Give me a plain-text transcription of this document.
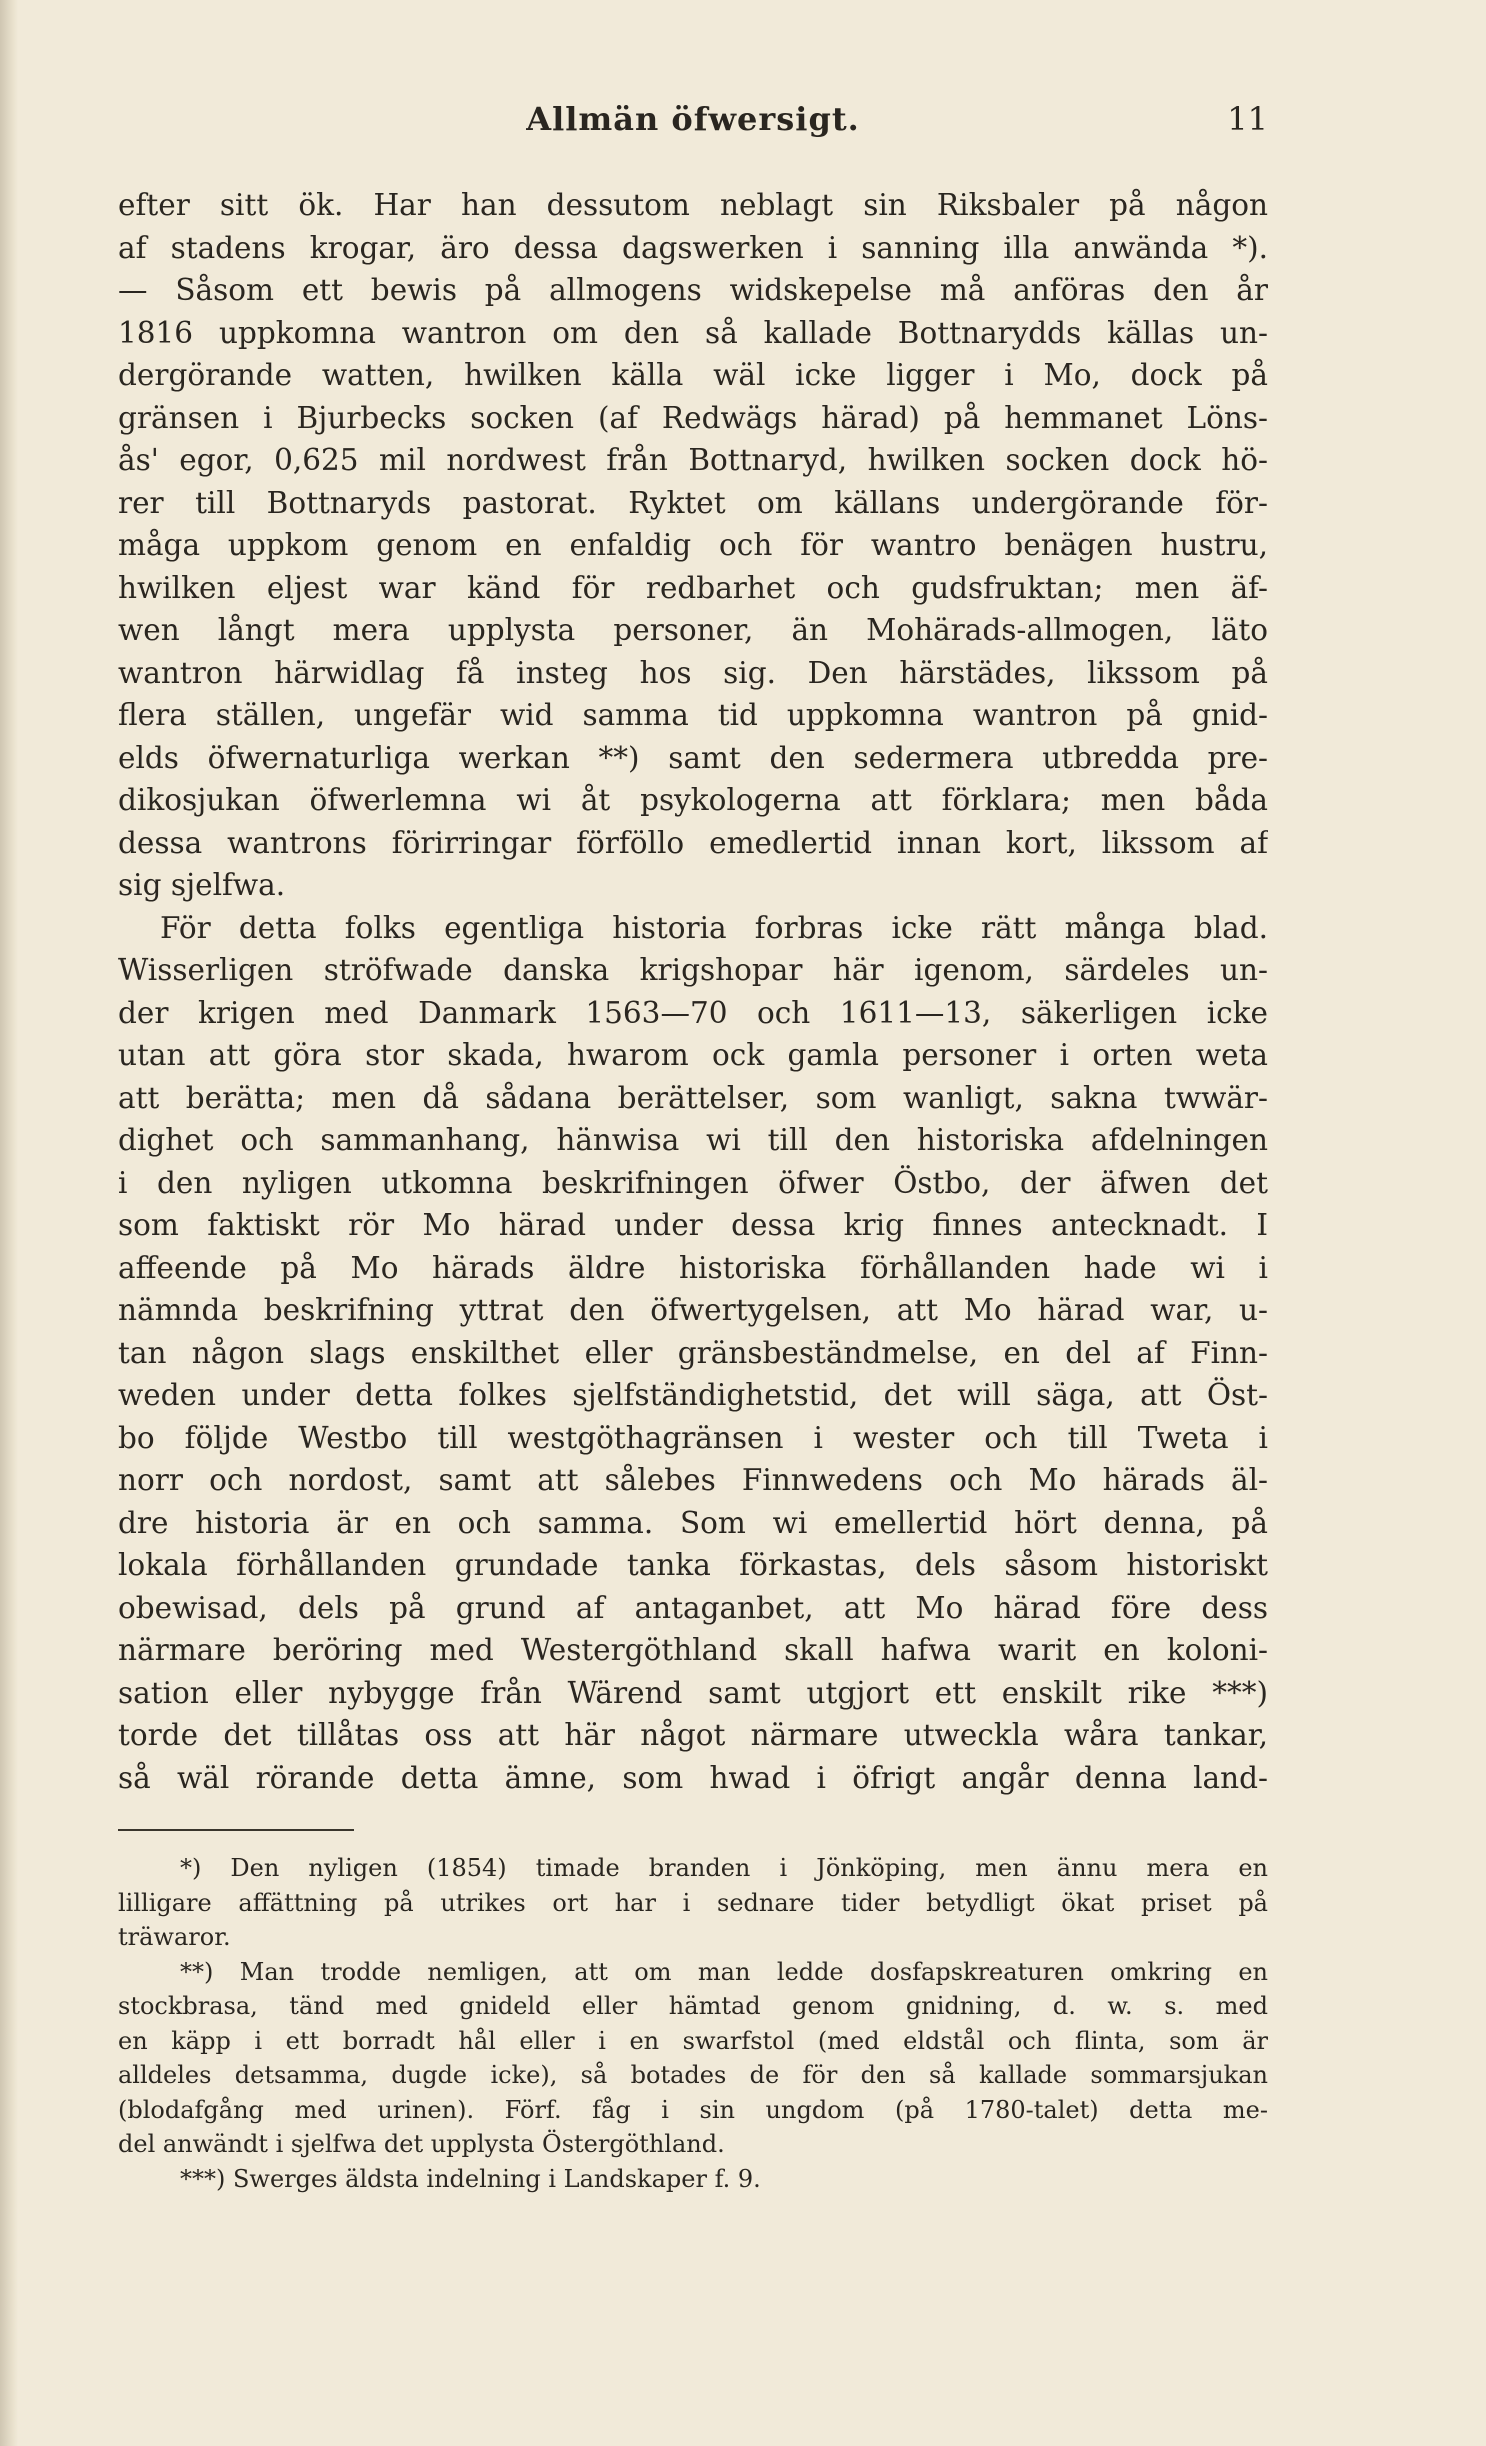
Allmän öfwersigt.	11
efter sitt ök. Har han dessutom neblagt sin Riksbaler på någon
af stadens krogar, äro dessa dagswerken i sanning illa anwända *).
— Såsom ett bewis på allmogens widskepelse må anföras den år
1816 uppkomna wantron om den så kallade Bottnarydds källas un-
dergörande watten, hwilken källa wäl icke ligger i Mo, dock på
gränsen i Bjurbecks socken (af Redwägs härad) på hemmanet Löns-
ås' egor, 0,625 mil nordwest från Bottnaryd, hwilken socken dock hö-
rer till Bottnaryds pastorat. Ryktet om källans undergörande för-
måga uppkom genom en enfaldig och för wantro benägen hustru,
hwilken eljest war känd för redbarhet och gudsfruktan; men äf-
wen långt mera upplysta personer, än Mohärads-allmogen, läto
wantron härwidlag få insteg hos sig. Den härstädes, likssom på
flera ställen, ungefär wid samma tid uppkomna wantron på gnid-
elds öfwernaturliga werkan **) samt den sedermera utbredda pre-
dikosjukan öfwerlemna wi åt psykologerna att förklara; men båda
dessa wantrons förirringar förföllo emedlertid innan kort, likssom af
sig sjelfwa.
För detta folks egentliga historia forbras icke rätt många blad.
Wisserligen ströfwade danska krigshopar här igenom, särdeles un-
der krigen med Danmark 1563—70 och 1611—13, säkerligen icke
utan att göra stor skada, hwarom ock gamla personer i orten weta
att berätta; men då sådana berättelser, som wanligt, sakna twwär-
dighet och sammanhang, hänwisa wi till den historiska afdelningen
i den nyligen utkomna beskrifningen öfwer Östbo, der äfwen det
som faktiskt rör Mo härad under dessa krig finnes antecknadt. I
affeende på Mo härads äldre historiska förhållanden hade wi i
nämnda beskrifning yttrat den öfwertygelsen, att Mo härad war, u-
tan någon slags enskilthet eller gränsbeständmelse, en del af Finn-
weden under detta folkes sjelfständighetstid, det will säga, att Öst-
bo följde Westbo till westgöthagränsen i wester och till Tweta i
norr och nordost, samt att sålebes Finnwedens och Mo härads äl-
dre historia är en och samma. Som wi emellertid hört denna, på
lokala förhållanden grundade tanka förkastas, dels såsom historiskt
obewisad, dels på grund af antaganbet, att Mo härad före dess
närmare beröring med Westergöthland skall hafwa warit en koloni-
sation eller nybygge från Wärend samt utgjort ett enskilt rike ***)
torde det tillåtas oss att här något närmare utweckla wåra tankar,
så wäl rörande detta ämne, som hwad i öfrigt angår denna land-
*) Den nyligen (1854) timade branden i Jönköping, men ännu mera en
lilligare affättning på utrikes ort har i sednare tider betydligt ökat priset på
träwaror.
**) Man trodde nemligen, att om man ledde dosfapskreaturen omkring en
stockbrasa, tänd med gnideld eller hämtad genom gnidning, d. w. s. med
en käpp i ett borradt hål eller i en swarfstol (med eldstål och flinta, som är
alldeles detsamma, dugde icke), så botades de för den så kallade sommarsjukan
(blodafgång med urinen). Förf. fåg i sin ungdom (på 1780-talet) detta me-
del anwändt i sjelfwa det upplysta Östergöthland.
***) Swerges äldsta indelning i Landskaper f. 9.
